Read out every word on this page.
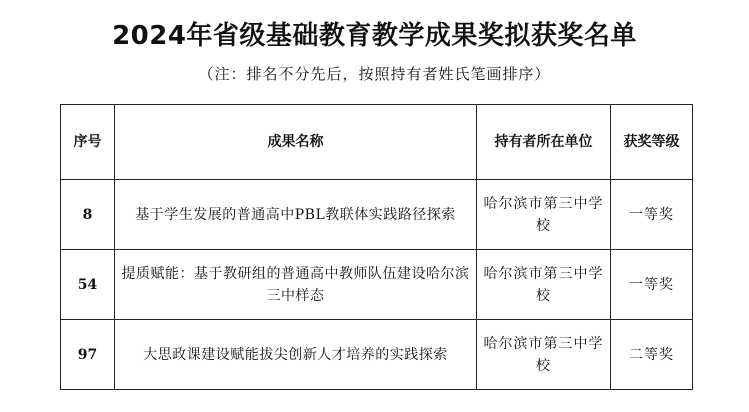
2024年省级基础教育教学成果奖拟获奖名单
（注：排名不分先后，按照持有者姓氏笔画排序）
序号	成果名称	持有者所在单位	获奖等级
8	基于学生发展的普通高中PBL教联体实践路径探索	哈尔滨市第三中学校	一等奖
54	提质赋能：基于教研组的普通高中教师队伍建设哈尔滨三中样态	哈尔滨市第三中学校	一等奖
97	大思政课建设赋能拔尖创新人才培养的实践探索	哈尔滨市第三中学校	二等奖
